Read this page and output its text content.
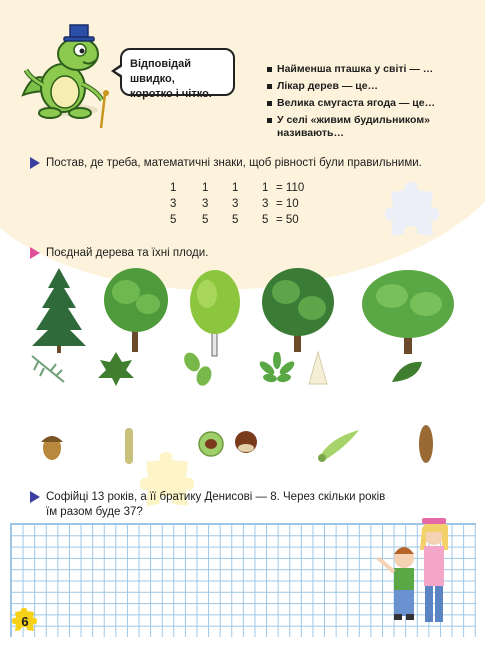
Відповідай швидко,
коротко і чітко.
Найменша пташка у світі — …
Лікар дерев — це…
Велика смугаста ягода — це…
У селі «живим будильником» називають…
Постав, де треба, математичні знаки, щоб рівності були правильними.
1 1 1 1 = 110
3 3 3 3 = 10
5 5 5 5 = 50
Поєднай дерева та їхні плоди.
Софійці 13 років, а її братику Денисові — 8. Через скільки років
їм разом буде 37?
6
